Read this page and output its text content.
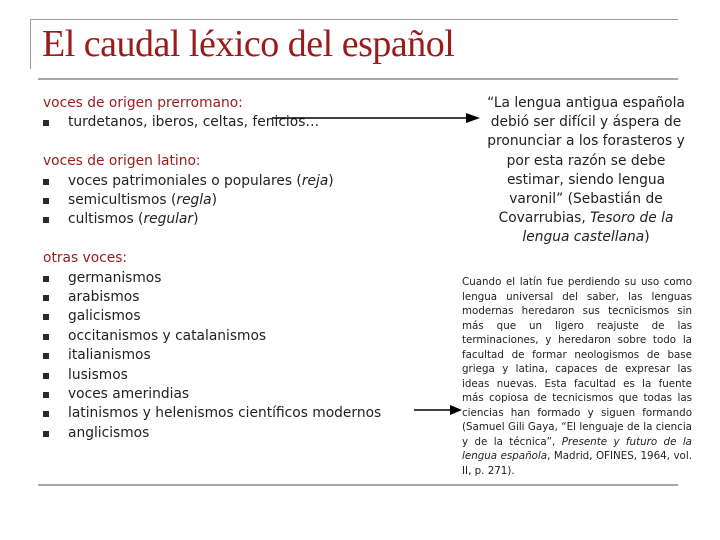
El caudal léxico del español
voces de origen prerromano:
turdetanos, iberos, celtas, fenicios…
voces de origen latino:
voces patrimoniales o populares (reja)
semicultismos (regla)
cultismos (regular)
otras voces:
germanismos
arabismos
galicismos
occitanismos y catalanismos
italianismos
lusismos
voces amerindias
latinismos y helenismos científicos modernos
anglicismos
“La lengua antigua española debió ser difícil y áspera de pronunciar a los forasteros y por esta razón se debe estimar, siendo lengua varonil” (Sebastián de Covarrubias, Tesoro de la lengua castellana)
Cuando el latín fue perdiendo su uso como lengua universal del saber, las lenguas modernas heredaron sus tecnicismos sin más que un ligero reajuste de las terminaciones, y heredaron sobre todo la facultad de formar neologismos de base griega y latina, capaces de expresar las ideas nuevas. Esta facultad es la fuente más copiosa de tecnicismos que todas las ciencias han formado y siguen formando (Samuel Gili Gaya, “El lenguaje de la ciencia y de la técnica”, Presente y futuro de la lengua española, Madrid, OFINES, 1964, vol. II, p. 271).
